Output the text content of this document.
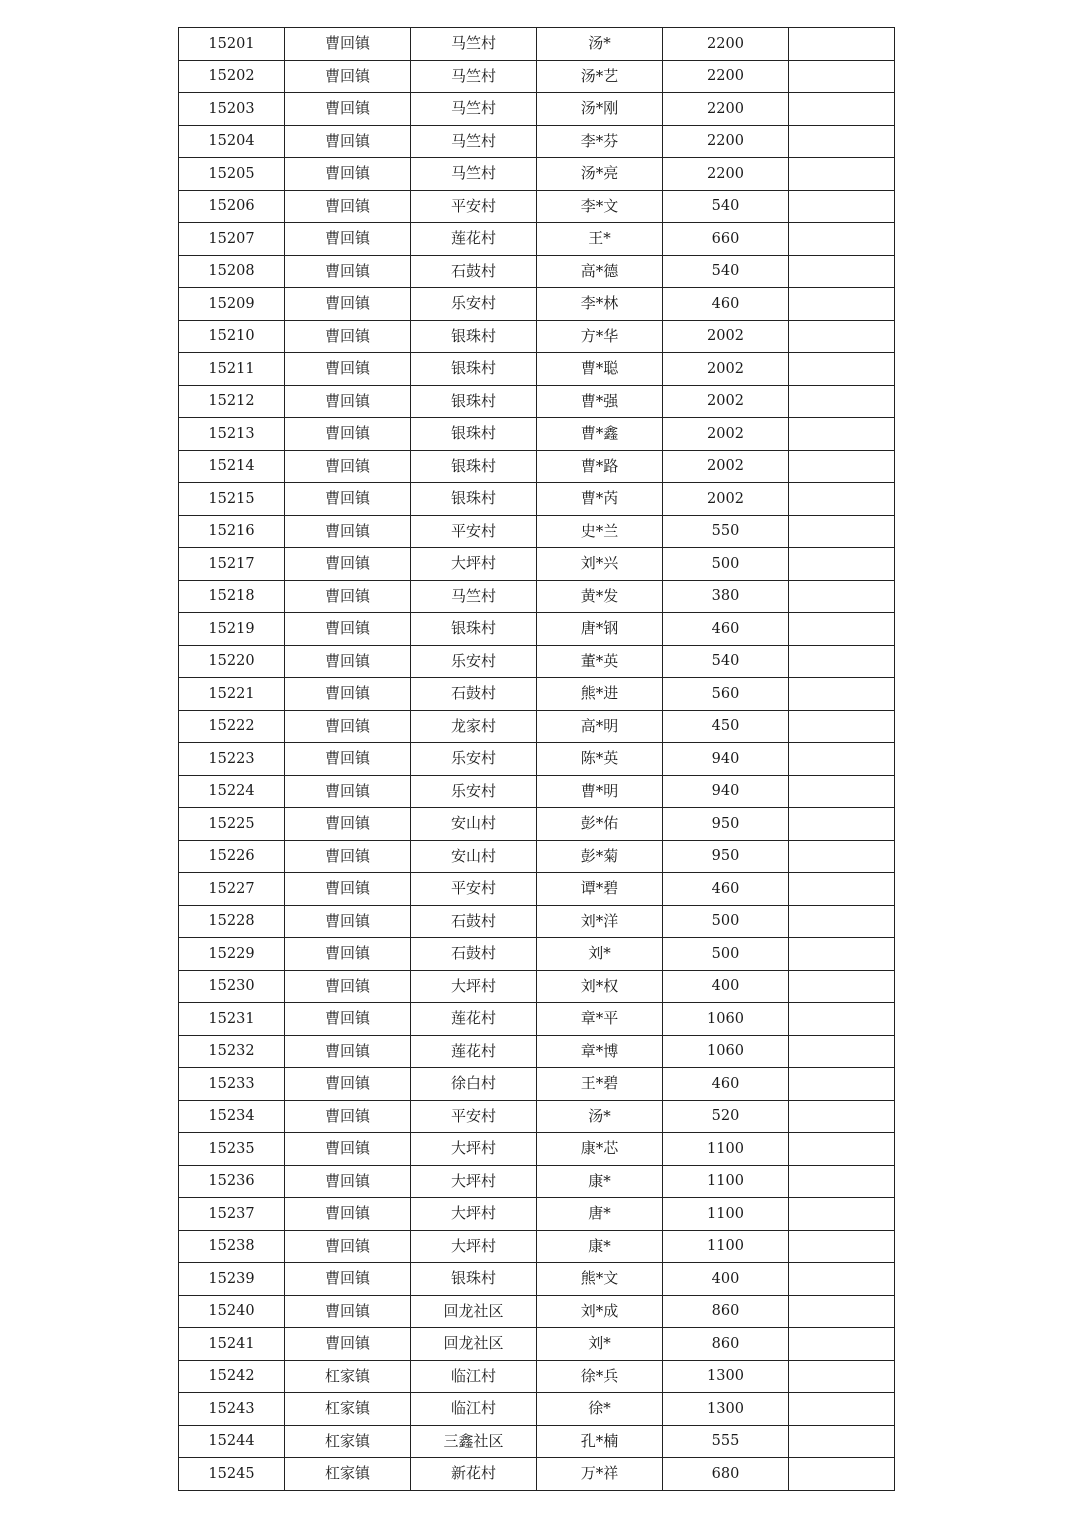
15201	曹回镇	马竺村	汤*	2200	
15202	曹回镇	马竺村	汤*艺	2200	
15203	曹回镇	马竺村	汤*刚	2200	
15204	曹回镇	马竺村	李*芬	2200	
15205	曹回镇	马竺村	汤*亮	2200	
15206	曹回镇	平安村	李*文	540	
15207	曹回镇	莲花村	王*	660	
15208	曹回镇	石鼓村	高*德	540	
15209	曹回镇	乐安村	李*林	460	
15210	曹回镇	银珠村	方*华	2002	
15211	曹回镇	银珠村	曹*聪	2002	
15212	曹回镇	银珠村	曹*强	2002	
15213	曹回镇	银珠村	曹*鑫	2002	
15214	曹回镇	银珠村	曹*路	2002	
15215	曹回镇	银珠村	曹*芮	2002	
15216	曹回镇	平安村	史*兰	550	
15217	曹回镇	大坪村	刘*兴	500	
15218	曹回镇	马竺村	黄*发	380	
15219	曹回镇	银珠村	唐*钢	460	
15220	曹回镇	乐安村	董*英	540	
15221	曹回镇	石鼓村	熊*进	560	
15222	曹回镇	龙家村	高*明	450	
15223	曹回镇	乐安村	陈*英	940	
15224	曹回镇	乐安村	曹*明	940	
15225	曹回镇	安山村	彭*佑	950	
15226	曹回镇	安山村	彭*菊	950	
15227	曹回镇	平安村	谭*碧	460	
15228	曹回镇	石鼓村	刘*洋	500	
15229	曹回镇	石鼓村	刘*	500	
15230	曹回镇	大坪村	刘*权	400	
15231	曹回镇	莲花村	章*平	1060	
15232	曹回镇	莲花村	章*博	1060	
15233	曹回镇	徐白村	王*碧	460	
15234	曹回镇	平安村	汤*	520	
15235	曹回镇	大坪村	康*芯	1100	
15236	曹回镇	大坪村	康*	1100	
15237	曹回镇	大坪村	唐*	1100	
15238	曹回镇	大坪村	康*	1100	
15239	曹回镇	银珠村	熊*文	400	
15240	曹回镇	回龙社区	刘*成	860	
15241	曹回镇	回龙社区	刘*	860	
15242	杠家镇	临江村	徐*兵	1300	
15243	杠家镇	临江村	徐*	1300	
15244	杠家镇	三鑫社区	孔*楠	555	
15245	杠家镇	新花村	万*祥	680	
